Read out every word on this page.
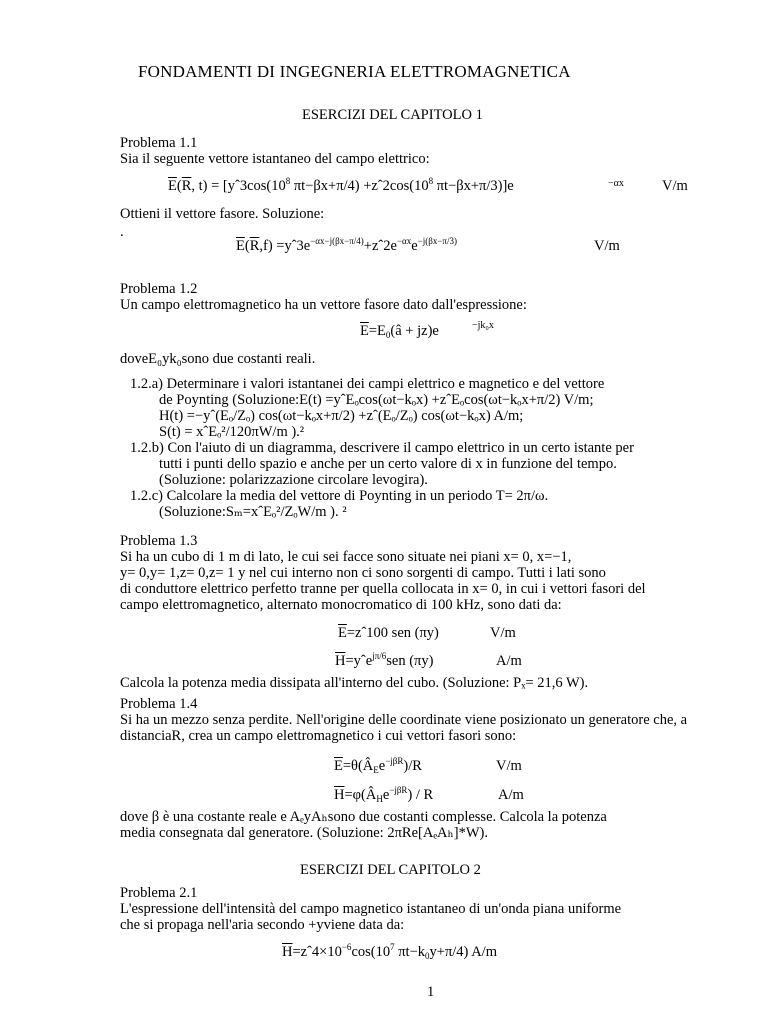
FONDAMENTI DI INGEGNERIA ELETTROMAGNETICA
ESERCIZI DEL CAPITOLO 1
Problema 1.1
Sia il seguente vettore istantaneo del campo elettrico:
$\overline{E}(\overline{R}$, $t) = [yˆ3\cos(10^8$ $\pi t-\beta x+\pi/4) +zˆ2\cos(10^8$ πt−βx+π/3)]e	−αx	V/m
Ottieni il vettore fasore. Soluzione:
.
$\overline{E}(\overline{R},f)$ $=yˆ3e^{-\alpha x-j(\beta x-\pi/4)}+zˆ2e^{-\alpha x}e^{-j(\beta x-\pi/3)}$	V/m
Problema 1.2
Un campo elettromagnetico ha un vettore fasore dato dall'espressione:
$\overline{E}=E_0(â + jz)e$	−jk₀x
doveE₀yk₀sono due costanti reali.
1.2.a) Determinare i valori istantanei dei campi elettrico e magnetico e del vettore
de Poynting (Soluzione:E(t) =yˆEₒcos(ωt−kₒx) +zˆEₒcos(ωt−kₒx+π/2) V/m;
H(t) =−yˆ(Eₒ/Zₒ) cos(ωt−kₒx+π/2) +zˆ(Eₒ/Zₒ) cos(ωt−kₒx) A/m;
S(t) = xˆEₒ²/120πW/m ).²
1.2.b) Con l'aiuto di un diagramma, descrivere il campo elettrico in un certo istante per
tutti i punti dello spazio e anche per un certo valore di x in funzione del tempo.
(Soluzione: polarizzazione circolare levogira).
1.2.c) Calcolare la media del vettore di Poynting in un periodo T= 2π/ω.
(Soluzione:Sₘ=xˆEₒ²/ZₒW/m ). ²
Problema 1.3
Si ha un cubo di 1 m di lato, le cui sei facce sono situate nei piani x= 0, x=−1,
y= 0,y= 1,z= 0,z= 1 y nel cui interno non ci sono sorgenti di campo. Tutti i lati sono
di conduttore elettrico perfetto tranne per quella collocata in x= 0, in cui i vettori fasori del
campo elettromagnetico, alternato monocromatico di 100 kHz, sono dati da:
$\overline{E}=zˆ100$ sen (πy)	V/m
$\overline{H}=yˆe^{j\pi/6}sen$ (πy)	A/m
Calcola la potenza media dissipata all'interno del cubo. (Soluzione: Pₓ= 21,6 W).
Problema 1.4
Si ha un mezzo senza perdite. Nell'origine delle coordinate viene posizionato un generatore che, a
distanciaR, crea un campo elettromagnetico i cui vettori fasori sono:
$\overline{E}=\theta(Â_Ee^{-j\beta R})/R$	V/m
$\overline{H}=\varphi(Â_He^{-j\beta R}) / R$	A/m
dove β è una costante reale e AₑyAₕsono due costanti complesse. Calcola la potenza
media consegnata dal generatore. (Soluzione: 2πRe[AₑAₕ]*W).
ESERCIZI DEL CAPITOLO 2
Problema 2.1
L'espressione dell'intensità del campo magnetico istantaneo di un'onda piana uniforme
che si propaga nell'aria secondo +yviene data da:
$\overline{H}=zˆ4\times 10^{-6}\cos(10^7$ $\pi t-k_0y+\pi/4$) A/m
1
